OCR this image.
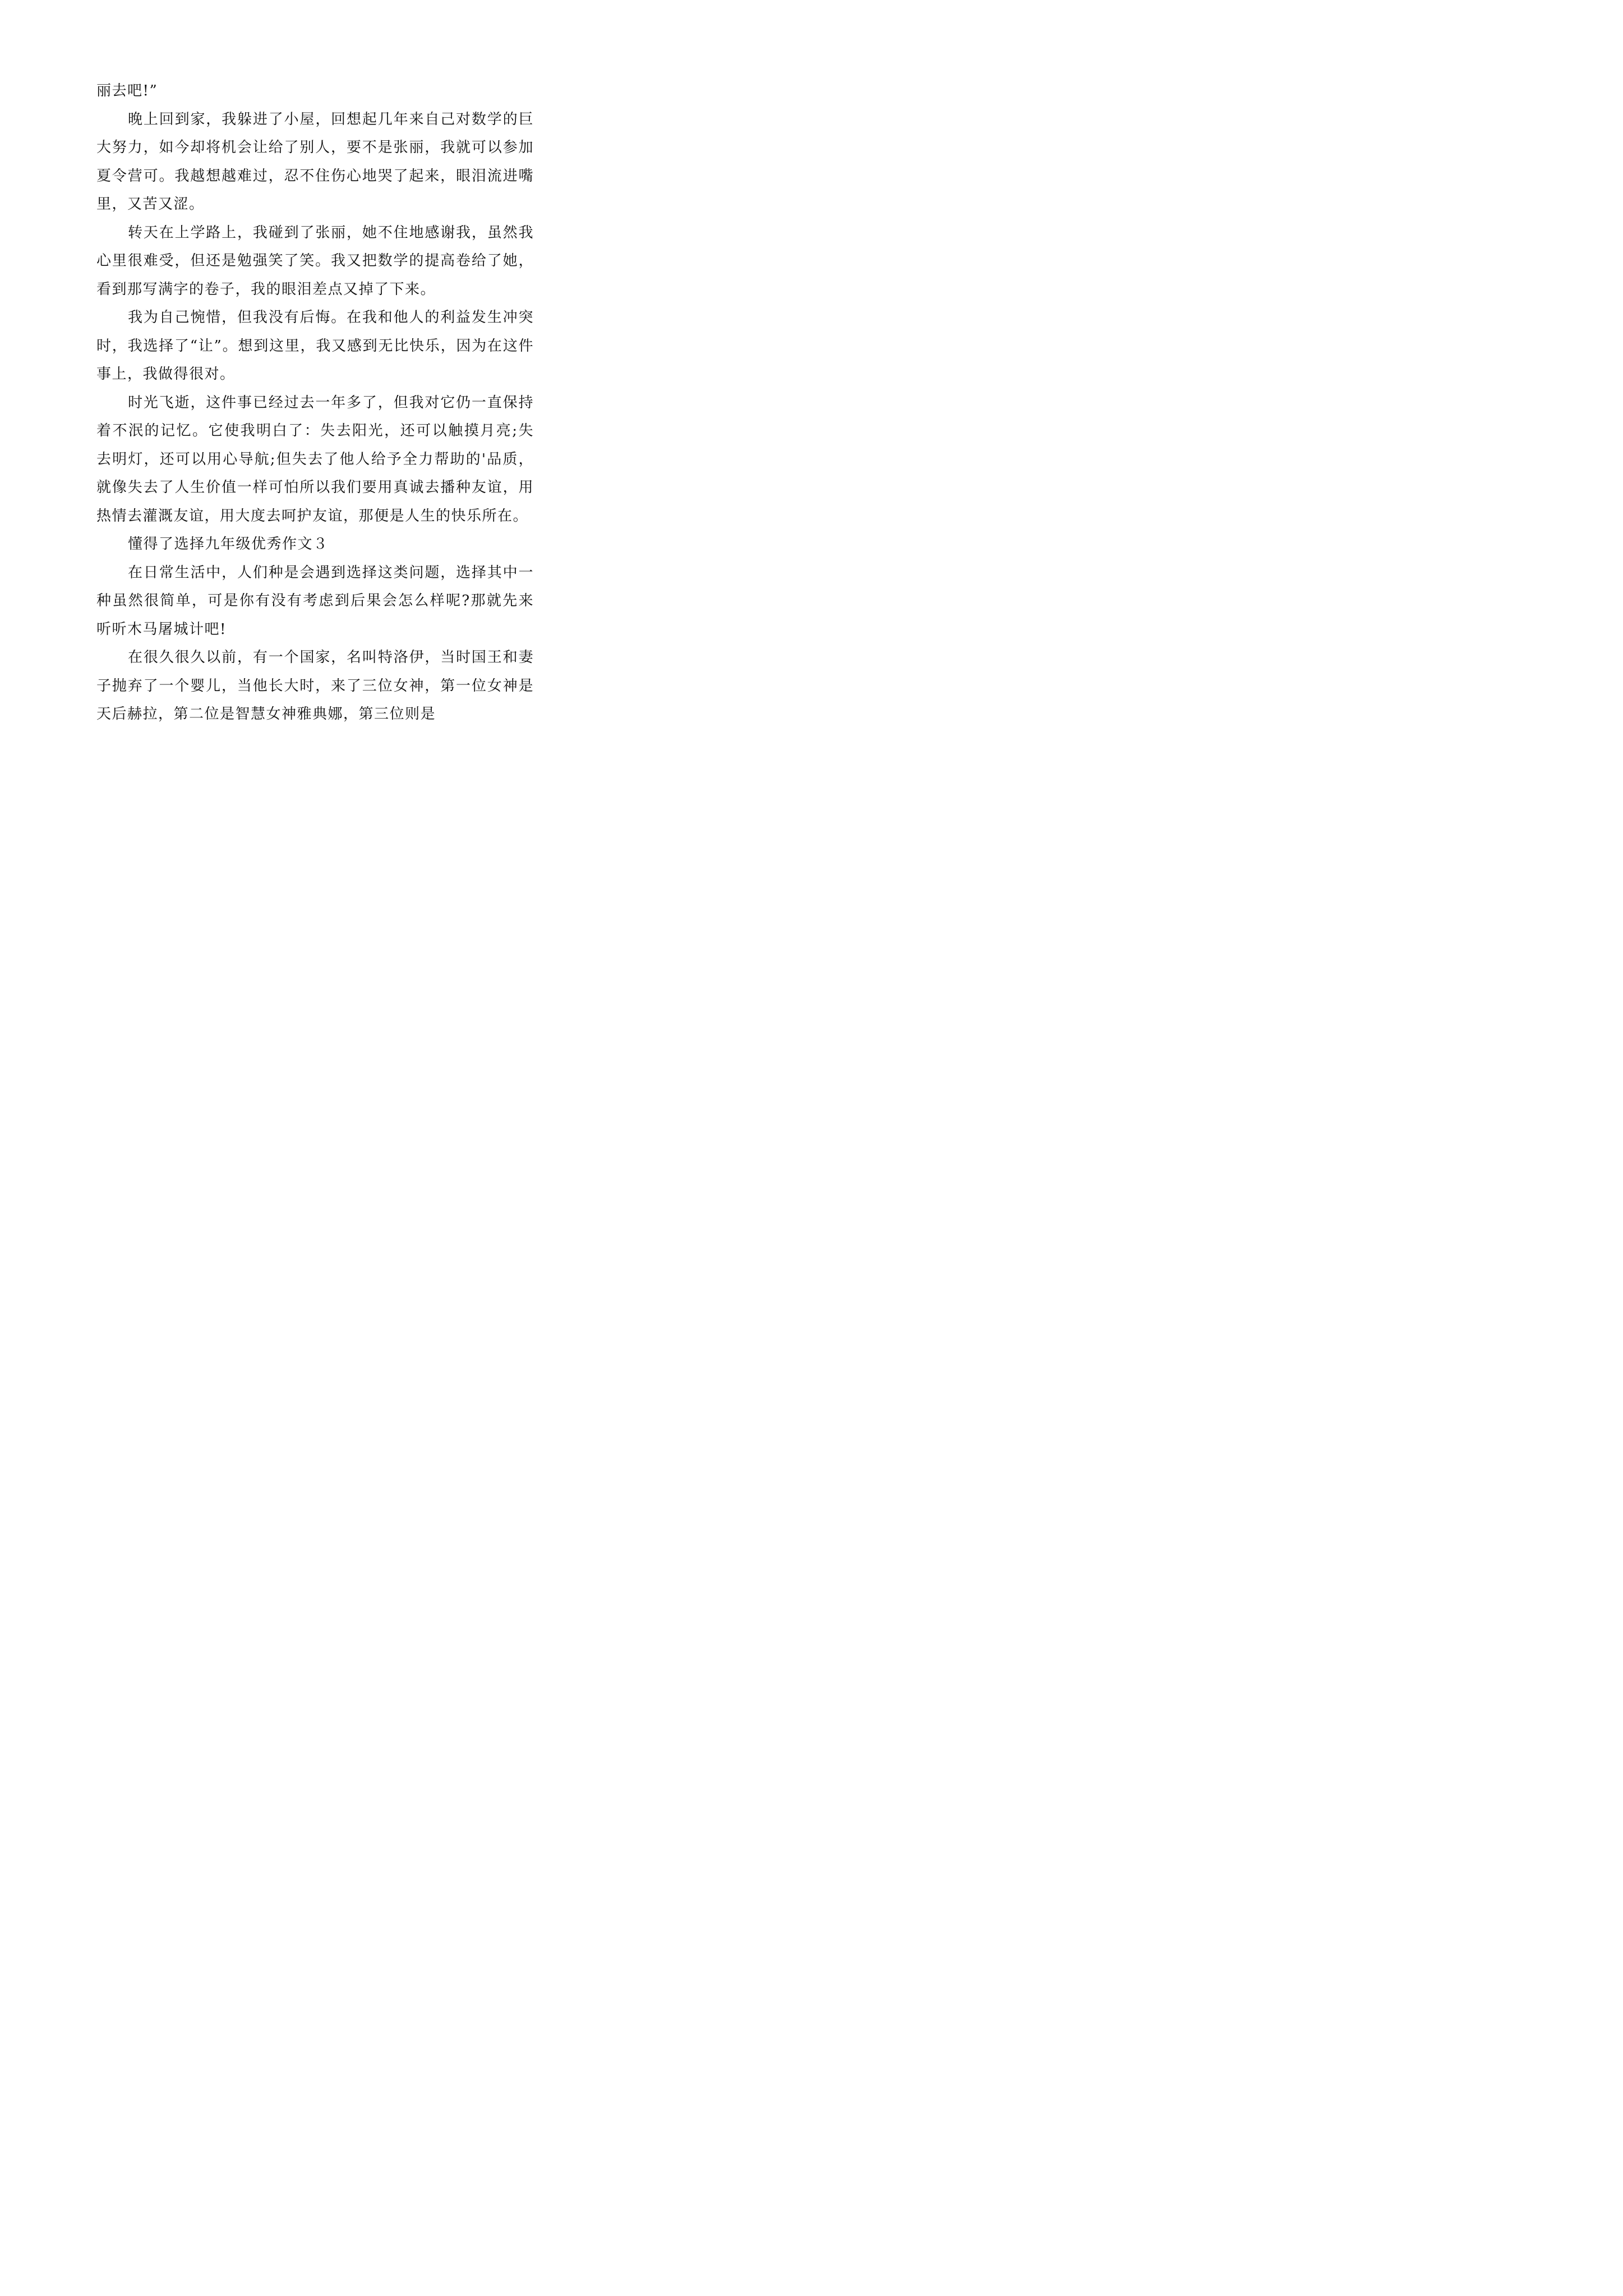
丽去吧!”

晚上回到家，我躲进了小屋，回想起几年来自己对数学的巨大努力，如今却将机会让给了别人，要不是张丽，我就可以参加夏令营可。我越想越难过，忍不住伤心地哭了起来，眼泪流进嘴里，又苦又涩。

转天在上学路上，我碰到了张丽，她不住地感谢我，虽然我心里很难受，但还是勉强笑了笑。我又把数学的提高卷给了她，看到那写满字的卷子，我的眼泪差点又掉了下来。

我为自己惋惜，但我没有后悔。在我和他人的利益发生冲突时，我选择了“让”。想到这里，我又感到无比快乐，因为在这件事上，我做得很对。

时光飞逝，这件事已经过去一年多了，但我对它仍一直保持着不泯的记忆。它使我明白了：失去阳光，还可以触摸月亮;失去明灯，还可以用心导航;但失去了他人给予全力帮助的'品质，就像失去了人生价值一样可怕所以我们要用真诚去播种友谊，用热情去灌溉友谊，用大度去呵护友谊，那便是人生的快乐所在。

懂得了选择九年级优秀作文３

在日常生活中，人们种是会遇到选择这类问题，选择其中一种虽然很简单，可是你有没有考虑到后果会怎么样呢?那就先来听听木马屠城计吧!

在很久很久以前，有一个国家，名叫特洛伊，当时国王和妻子抛弃了一个婴儿，当他长大时，来了三位女神，第一位女神是天后赫拉，第二位是智慧女神雅典娜，第三位则是
